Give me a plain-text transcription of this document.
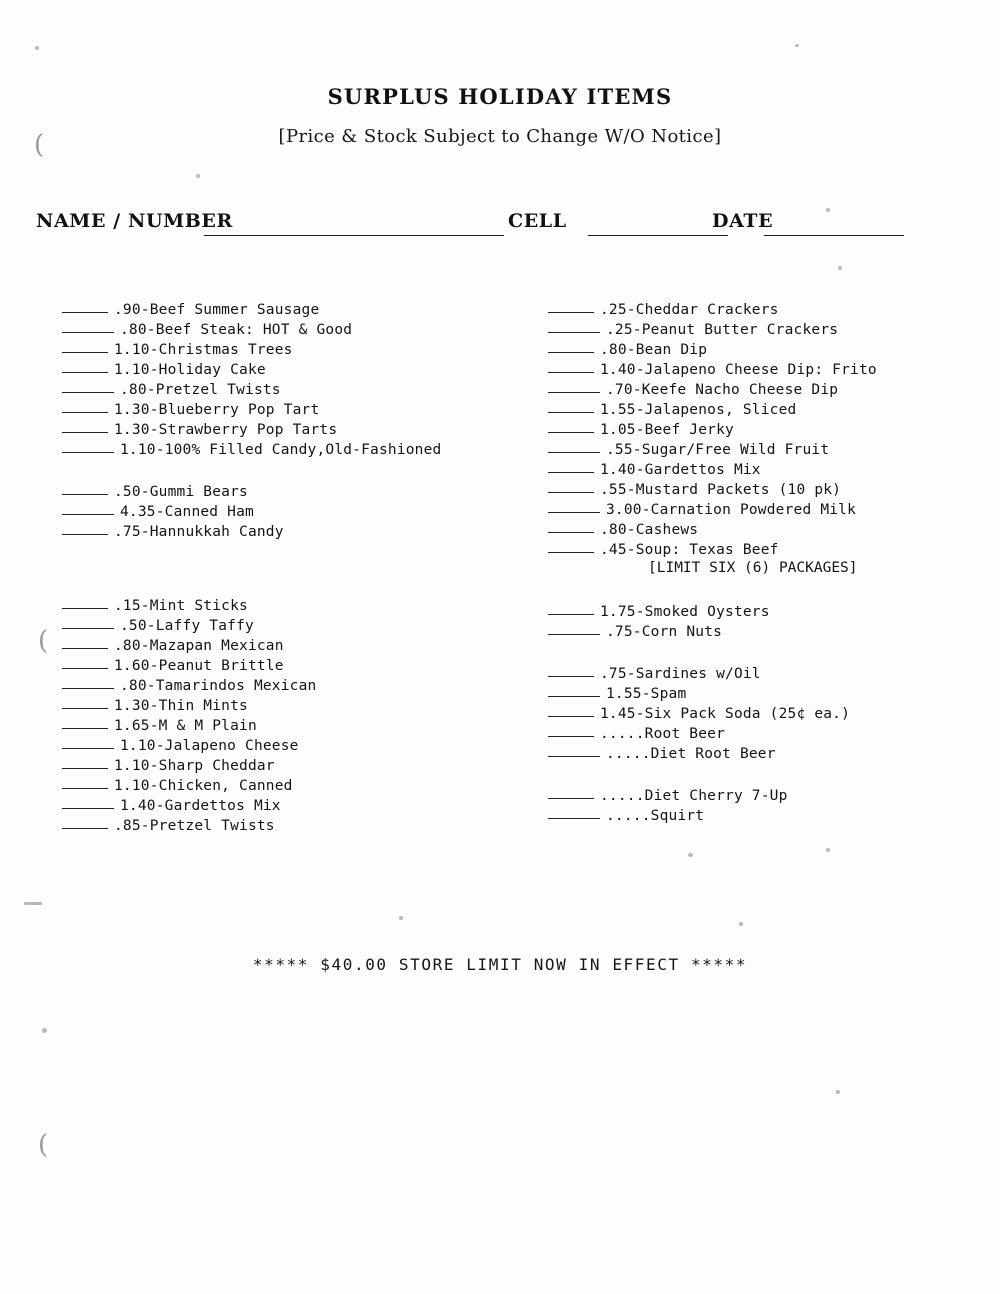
(
(
(
SURPLUS HOLIDAY ITEMS
[Price & Stock Subject to Change W/O Notice]
NAME / NUMBER	CELL	DATE
.90-Beef Summer Sausage
.80-Beef Steak: HOT & Good
1.10-Christmas Trees
1.10-Holiday Cake
.80-Pretzel Twists
1.30-Blueberry Pop Tart
1.30-Strawberry Pop Tarts
1.10-100% Filled Candy,Old-Fashioned
.50-Gummi Bears
4.35-Canned Ham
.75-Hannukkah Candy
.15-Mint Sticks
.50-Laffy Taffy
.80-Mazapan Mexican
1.60-Peanut Brittle
.80-Tamarindos Mexican
1.30-Thin Mints
1.65-M & M Plain
1.10-Jalapeno Cheese
1.10-Sharp Cheddar
1.10-Chicken, Canned
1.40-Gardettos Mix
.85-Pretzel Twists
.25-Cheddar Crackers
.25-Peanut Butter Crackers
.80-Bean Dip
1.40-Jalapeno Cheese Dip: Frito
.70-Keefe Nacho Cheese Dip
1.55-Jalapenos, Sliced
1.05-Beef Jerky
.55-Sugar/Free Wild Fruit
1.40-Gardettos Mix
.55-Mustard Packets (10 pk)
3.00-Carnation Powdered Milk
.80-Cashews
.45-Soup: Texas Beef
[LIMIT SIX (6) PACKAGES]
1.75-Smoked Oysters
.75-Corn Nuts
.75-Sardines w/Oil
1.55-Spam
1.45-Six Pack Soda (25¢ ea.)
.....Root Beer
.....Diet Root Beer
.....Diet Cherry 7-Up
.....Squirt
***** $40.00 STORE LIMIT NOW IN EFFECT *****
